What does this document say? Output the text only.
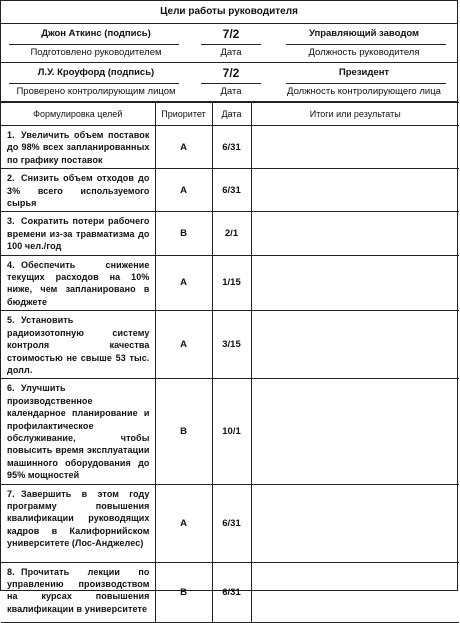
Цели работы руководителя
Джон Аткинс (подпись)	7/2	Управляющий заводом
Подготовлено руководителем	Дата	Должность руководителя
Л.У. Кроуфорд (подпись)	7/2	Президент
Проверено контролирующим лицом	Дата	Должность контролирующего лица
Формулировка целей	Приоритет	Дата	Итоги или результаты
1. Увеличить объем поставок до 98% всех запланированных по графику поставок	A	6/31	
2. Снизить объем отходов до 3% всего используемого сырья	A	6/31	
3. Сократить потери рабочего времени из-за травматизма до 100 чел./год	B	2/1	
4. Обеспечить снижение текущих расходов на 10% ниже, чем запланировано в бюджете	A	1/15	
5. Установить радиоизотопную систему контроля качества стоимостью не свыше 53 тыс. долл.	A	3/15	
6. Улучшить производственное календарное планирование и профилактическое обслуживание, чтобы повысить время эксплуатации машинного оборудования до 95% мощностей	B	10/1	
7. Завершить в этом году программу повышения квалификации руководящих кадров в Калифорнийском университете (Лос-Анджелес)	A	6/31	
8. Прочитать лекции по управлению производством на курсах повышения квалификации в университете	B	6/31	
